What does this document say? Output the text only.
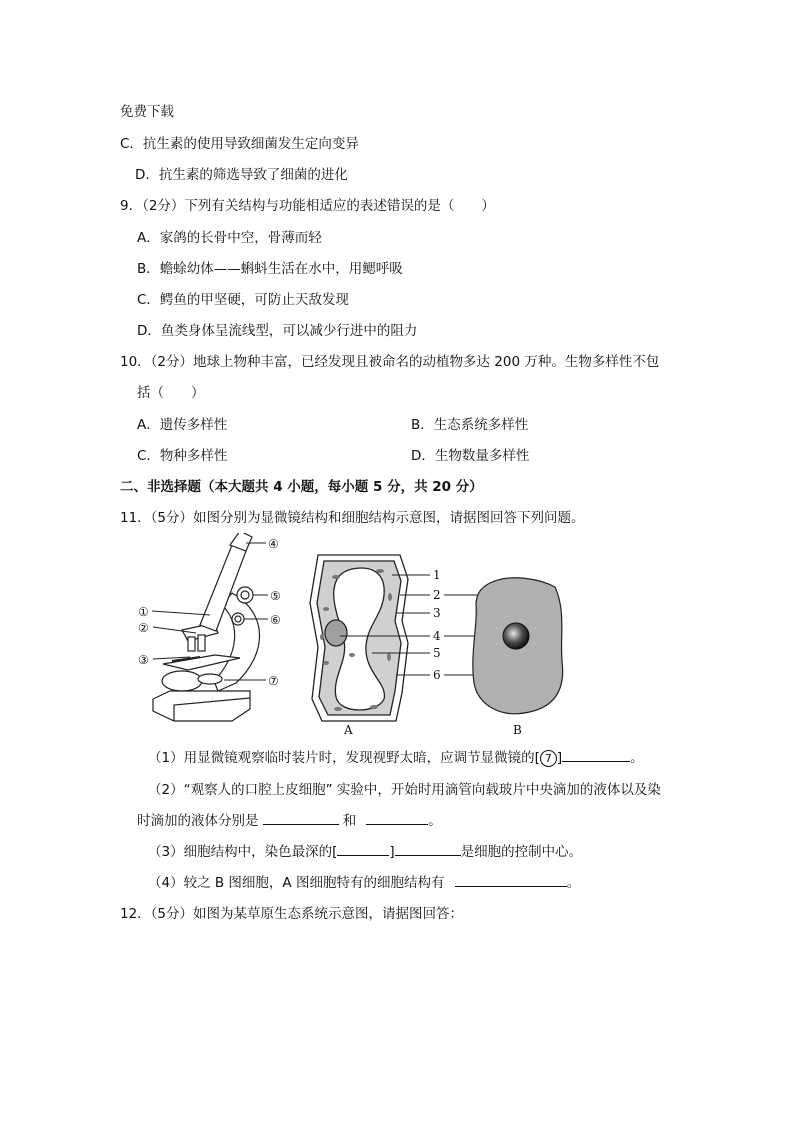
免费下载
C．抗生素的使用导致细菌发生定向变异
D．抗生素的筛选导致了细菌的进化
9．（2分）下列有关结构与功能相适应的表述错误的是（　　）
A．家鸽的长骨中空，骨薄而轻
B．蟾蜍幼体——蝌蚪生活在水中，用鳃呼吸
C．鳄鱼的甲坚硬，可防止天敌发现
D．鱼类身体呈流线型，可以减少行进中的阻力
10．（2分）地球上物种丰富，已经发现且被命名的动植物多达 200 万种。生物多样性不包
括（　　）
A．遗传多样性	B．生态系统多样性
C．物种多样性	D．生物数量多样性
二、非选择题（本大题共 4 小题，每小题 5 分，共 20 分）
11．（5分）如图分别为显微镜结构和细胞结构示意图，请据图回答下列问题。
④
⑤
⑥
①
②
③
⑦
1
2
3
4
5
6
A	B
（1）用显微镜观察临时装片时，发现视野太暗，应调节显微镜的[ 7 ]	。
（2）“观察人的口腔上皮细胞” 实验中，开始时用滴管向载玻片中央滴加的液体以及染
时滴加的液体分别是	和	。
（3）细胞结构中，染色最深的[	]	是细胞的控制中心。
（4）较之 B 图细胞，A 图细胞特有的细胞结构有	。
12．（5分）如图为某草原生态系统示意图，请据图回答：
